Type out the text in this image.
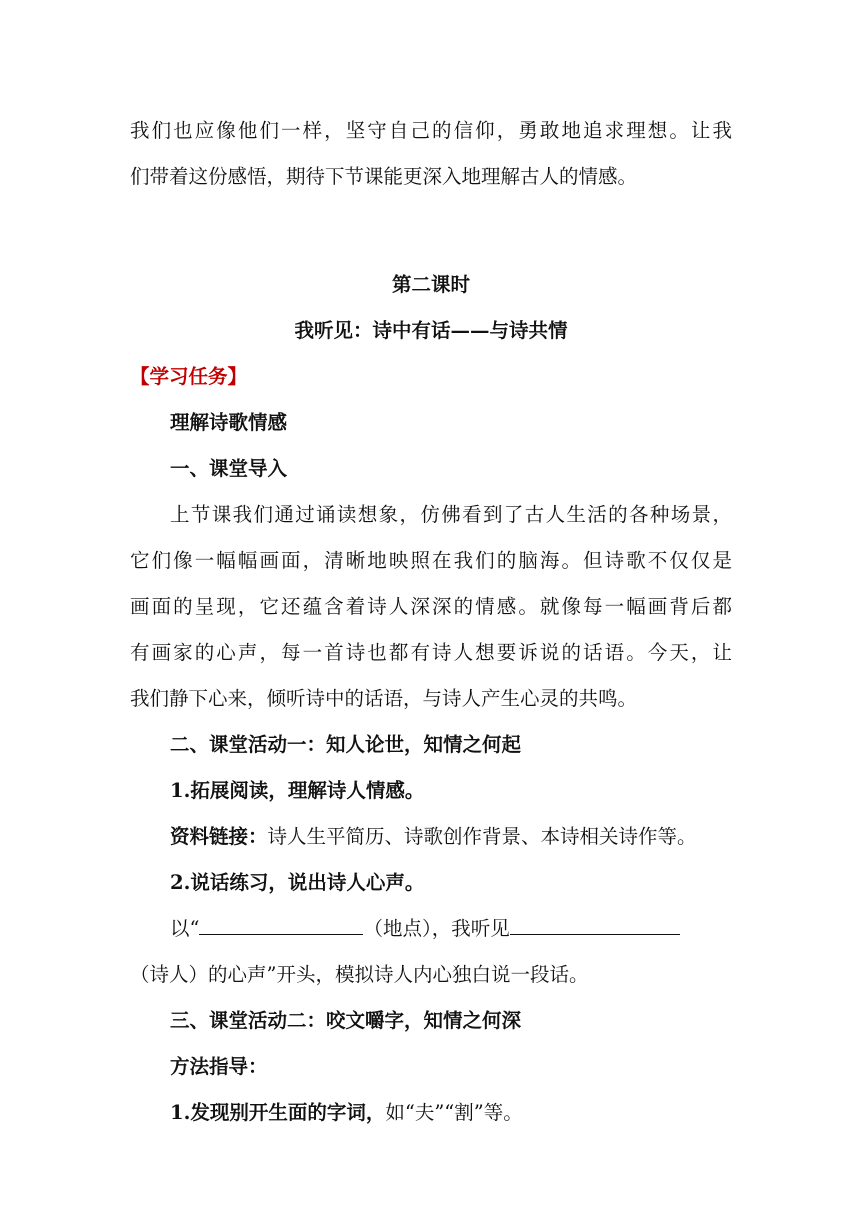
我们也应像他们一样，坚守自己的信仰，勇敢地追求理想。让我

们带着这份感悟，期待下节课能更深入地理解古人的情感。

第二课时

我听见：诗中有话——与诗共情

【学习任务】

理解诗歌情感

一、课堂导入

上节课我们通过诵读想象，仿佛看到了古人生活的各种场景，

它们像一幅幅画面，清晰地映照在我们的脑海。但诗歌不仅仅是

画面的呈现，它还蕴含着诗人深深的情感。就像每一幅画背后都

有画家的心声，每一首诗也都有诗人想要诉说的话语。今天，让

我们静下心来，倾听诗中的话语，与诗人产生心灵的共鸣。

二、课堂活动一：知人论世，知情之何起

1.拓展阅读，理解诗人情感。

资料链接：诗人生平简历、诗歌创作背景、本诗相关诗作等。

2.说话练习，说出诗人心声。

以“	（地点），我听见

（诗人）的心声”开头，模拟诗人内心独白说一段话。

三、课堂活动二：咬文嚼字，知情之何深

方法指导：

1.发现别开生面的字词，如“夫”“割”等。
